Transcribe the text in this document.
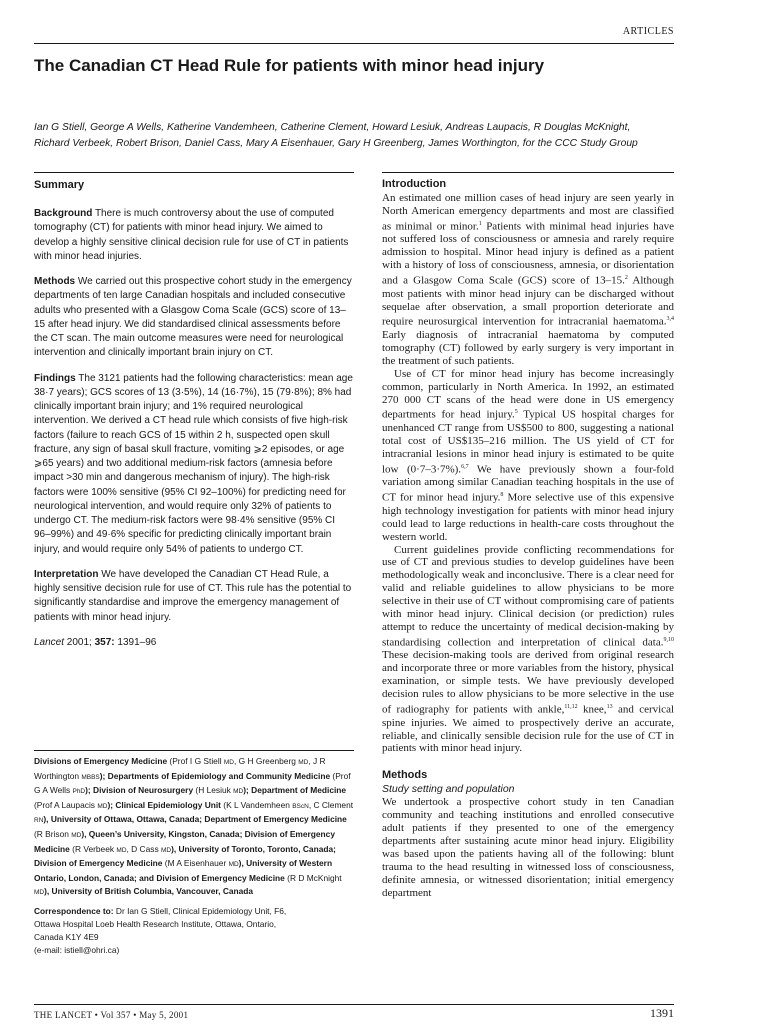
ARTICLES
The Canadian CT Head Rule for patients with minor head injury
Ian G Stiell, George A Wells, Katherine Vandemheen, Catherine Clement, Howard Lesiuk, Andreas Laupacis, R Douglas McKnight, Richard Verbeek, Robert Brison, Daniel Cass, Mary A Eisenhauer, Gary H Greenberg, James Worthington, for the CCC Study Group
Summary

Background There is much controversy about the use of computed tomography (CT) for patients with minor head injury. We aimed to develop a highly sensitive clinical decision rule for use of CT in patients with minor head injuries.

Methods We carried out this prospective cohort study in the emergency departments of ten large Canadian hospitals and included consecutive adults who presented with a Glasgow Coma Scale (GCS) score of 13–15 after head injury. We did standardised clinical assessments before the CT scan. The main outcome measures were need for neurological intervention and clinically important brain injury on CT.

Findings The 3121 patients had the following characteristics: mean age 38·7 years); GCS scores of 13 (3·5%), 14 (16·7%), 15 (79·8%); 8% had clinically important brain injury; and 1% required neurological intervention. We derived a CT head rule which consists of five high-risk factors (failure to reach GCS of 15 within 2 h, suspected open skull fracture, any sign of basal skull fracture, vomiting ⩾2 episodes, or age ⩾65 years) and two additional medium-risk factors (amnesia before impact >30 min and dangerous mechanism of injury). The high-risk factors were 100% sensitive (95% CI 92–100%) for predicting need for neurological intervention, and would require only 32% of patients to undergo CT. The medium-risk factors were 98·4% sensitive (95% CI 96–99%) and 49·6% specific for predicting clinically important brain injury, and would require only 54% of patients to undergo CT.

Interpretation We have developed the Canadian CT Head Rule, a highly sensitive decision rule for use of CT. This rule has the potential to significantly standardise and improve the emergency management of patients with minor head injury.

Lancet 2001; 357: 1391–96

Divisions of Emergency Medicine (Prof I G Stiell MD, G H Greenberg MD, J R Worthington MBBS); Departments of Epidemiology and Community Medicine (Prof G A Wells PhD); Division of Neurosurgery (H Lesiuk MD); Department of Medicine (Prof A Laupacis MD); Clinical Epidemiology Unit (K L Vandemheen BScN, C Clement RN), University of Ottawa, Ottawa, Canada; Department of Emergency Medicine (R Brison MD), Queen’s University, Kingston, Canada; Division of Emergency Medicine (R Verbeek MD, D Cass MD), University of Toronto, Toronto, Canada; Division of Emergency Medicine (M A Eisenhauer MD), University of Western Ontario, London, Canada; and Division of Emergency Medicine (R D McKnight MD), University of British Columbia, Vancouver, Canada

Correspondence to: Dr Ian G Stiell, Clinical Epidemiology Unit, F6,
Ottawa Hospital Loeb Health Research Institute, Ottawa, Ontario,
Canada K1Y 4E9
(e-mail: istiell@ohri.ca)

Introduction

An estimated one million cases of head injury are seen yearly in North American emergency departments and most are classified as minimal or minor.$^1$ Patients with minimal head injuries have not suffered loss of consciousness or amnesia and rarely require admission to hospital. Minor head injury is defined as a patient with a history of loss of consciousness, amnesia, or disorientation and a Glasgow Coma Scale (GCS) score of 13–15.$^2$ Although most patients with minor head injury can be discharged without sequelae after observation, a small proportion deteriorate and require neurosurgical intervention for intracranial haematoma.$^{3,4}$ Early diagnosis of intracranial haematoma by computed tomography (CT) followed by early surgery is very important in the treatment of such patients.

Use of CT for minor head injury has become increasingly common, particularly in North America. In 1992, an estimated 270 000 CT scans of the head were done in US emergency departments for head injury.$^5$ Typical US hospital charges for unenhanced CT range from US$500 to 800, suggesting a national total cost of US$135–216 million. The US yield of CT for intracranial lesions in minor head injury is estimated to be quite low (0·7–3·7%).$^{6,7}$ We have previously shown a four-fold variation among similar Canadian teaching hospitals in the use of CT for minor head injury.$^8$ More selective use of this expensive high technology investigation for patients with minor head injury could lead to large reductions in health-care costs throughout the western world.

Current guidelines provide conflicting recommendations for use of CT and previous studies to develop guidelines have been methodologically weak and inconclusive. There is a clear need for valid and reliable guidelines to allow physicians to be more selective in their use of CT without compromising care of patients with minor head injury. Clinical decision (or prediction) rules attempt to reduce the uncertainty of medical decision-making by standardising collection and interpretation of clinical data.$^{9,10}$ These decision-making tools are derived from original research and incorporate three or more variables from the history, physical examination, or simple tests. We have previously developed decision rules to allow physicians to be more selective in the use of radiography for patients with ankle,$^{11,12}$ knee,$^{13}$ and cervical spine injuries. We aimed to prospectively derive an accurate, reliable, and clinically sensible decision rule for the use of CT in patients with minor head injury.

Methods
Study setting and population

We undertook a prospective cohort study in ten Canadian community and teaching institutions and enrolled consecutive adult patients if they presented to one of the emergency departments after sustaining acute minor head injury. Eligibility was based upon the patients having all of the following: blunt trauma to the head resulting in witnessed loss of consciousness, definite amnesia, or witnessed disorientation; initial emergency department

THE LANCET • Vol 357 • May 5, 2001	1391
